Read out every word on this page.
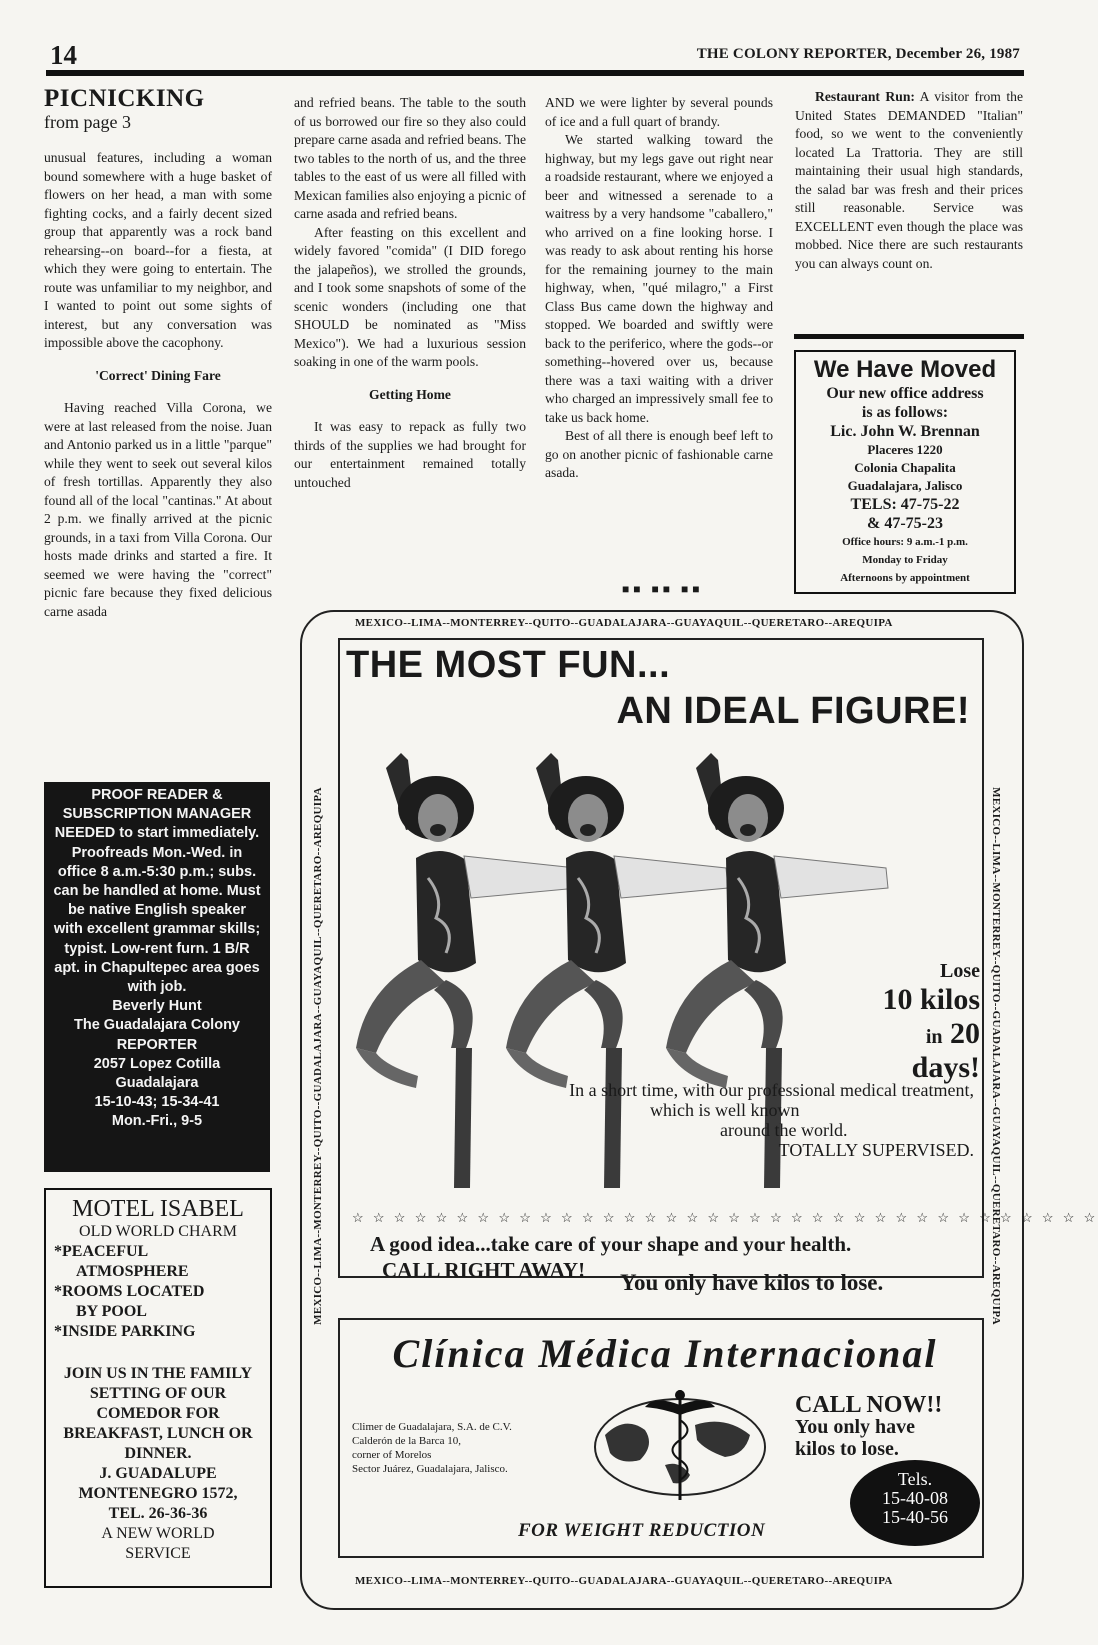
14	THE COLONY REPORTER, December 26, 1987
PICNICKING
from page 3

unusual features, including a woman bound somewhere with a huge basket of flowers on her head, a man with some fighting cocks, and a fairly decent sized group that apparently was a rock band rehearsing--on board--for a fiesta, at which they were going to entertain. The route was unfamiliar to my neighbor, and I wanted to point out some sights of interest, but any conversation was impossible above the cacophony.

'Correct' Dining Fare

Having reached Villa Corona, we were at last released from the noise. Juan and Antonio parked us in a little "parque" while they went to seek out several kilos of fresh tortillas. Apparently they also found all of the local "cantinas." At about 2 p.m. we finally arrived at the picnic grounds, in a taxi from Villa Corona. Our hosts made drinks and started a fire. It seemed we were having the "correct" picnic fare because they fixed delicious carne asada

and refried beans. The table to the south of us borrowed our fire so they also could prepare carne asada and refried beans. The two tables to the north of us, and the three tables to the east of us were all filled with Mexican families also enjoying a picnic of carne asada and refried beans.

After feasting on this excellent and widely favored "comida" (I DID forego the jalapeños), we strolled the grounds, and I took some snapshots of some of the scenic wonders (including one that SHOULD be nominated as "Miss Mexico"). We had a luxurious session soaking in one of the warm pools.

Getting Home

It was easy to repack as fully two thirds of the supplies we had brought for our entertainment remained totally untouched

AND we were lighter by several pounds of ice and a full quart of brandy.

We started walking toward the highway, but my legs gave out right near a roadside restaurant, where we enjoyed a beer and witnessed a serenade to a waitress by a very handsome "caballero," who arrived on a fine looking horse. I was ready to ask about renting his horse for the remaining journey to the main highway, when, "qué milagro," a First Class Bus came down the highway and stopped. We boarded and swiftly were back to the periferico, where the gods--or something--hovered over us, because there was a taxi waiting with a driver who charged an impressively small fee to take us back home.

Best of all there is enough beef left to go on another picnic of fashionable carne asada.

■■ ■■ ■■

Restaurant Run: A visitor from the United States DEMANDED "Italian" food, so we went to the conveniently located La Trattoria. They are still maintaining their usual high standards, the salad bar was fresh and their prices still reasonable. Service was EXCELLENT even though the place was mobbed. Nice there are such restaurants you can always count on.

We Have Moved
Our new office address
is as follows:
Lic. John W. Brennan
Placeres 1220
Colonia Chapalita
Guadalajara, Jalisco
TELS: 47-75-22
& 47-75-23
Office hours: 9 a.m.-1 p.m.
Monday to Friday
Afternoons by appointment
PROOF READER & SUBSCRIPTION MANAGER NEEDED to start immediately. Proofreads Mon.-Wed. in office 8 a.m.-5:30 p.m.; subs. can be handled at home. Must be native English speaker with excellent grammar skills; typist. Low-rent furn. 1 B/R apt. in Chapultepec area goes with job.
Beverly Hunt
The Guadalajara Colony REPORTER
2057 Lopez Cotilla
Guadalajara
15-10-43; 15-34-41
Mon.-Fri., 9-5
MOTEL ISABEL
OLD WORLD CHARM
*PEACEFUL
ATMOSPHERE
*ROOMS LOCATED
BY POOL
*INSIDE PARKING
JOIN US IN THE FAMILY SETTING OF OUR COMEDOR FOR BREAKFAST, LUNCH OR DINNER.
J. GUADALUPE
MONTENEGRO 1572,
TEL. 26-36-36
A NEW WORLD
SERVICE
MEXICO--LIMA--MONTERREY--QUITO--GUADALAJARA--GUAYAQUIL--QUERETARO--AREQUIPA
MEXICO--LIMA--MONTERREY--QUITO--GUADALAJARA--GUAYAQUIL--QUERETARO--AREQUIPA
MEXICO--LIMA--MONTERREY--QUITO--GUADALAJARA--GUAYAQUIL--QUERETARO--AREQUIPA	MEXICO--LIMA--MONTERREY--QUITO--GUADALAJARA--GUAYAQUIL--QUERETARO--AREQUIPA
THE MOST FUN...
AN IDEAL FIGURE!
Lose
10 kilos
in 20 days!
In a short time, with our professional medical treatment,
which is well known
around the world.
TOTALLY SUPERVISED.
☆ ☆ ☆ ☆ ☆ ☆ ☆ ☆ ☆ ☆ ☆ ☆ ☆ ☆ ☆ ☆ ☆ ☆ ☆ ☆ ☆ ☆ ☆ ☆ ☆ ☆ ☆ ☆ ☆ ☆ ☆ ☆ ☆ ☆ ☆ ☆
A good idea...take care of your shape and your health.
CALL RIGHT AWAY! You only have kilos to lose.
Clínica Médica Internacional
Climer de Guadalajara, S.A. de C.V.
Calderón de la Barca 10,
corner of Morelos
Sector Juárez, Guadalajara, Jalisco.
CALL NOW!!
You only have
kilos to lose.
Tels.
15-40-08
15-40-56
FOR WEIGHT REDUCTION
